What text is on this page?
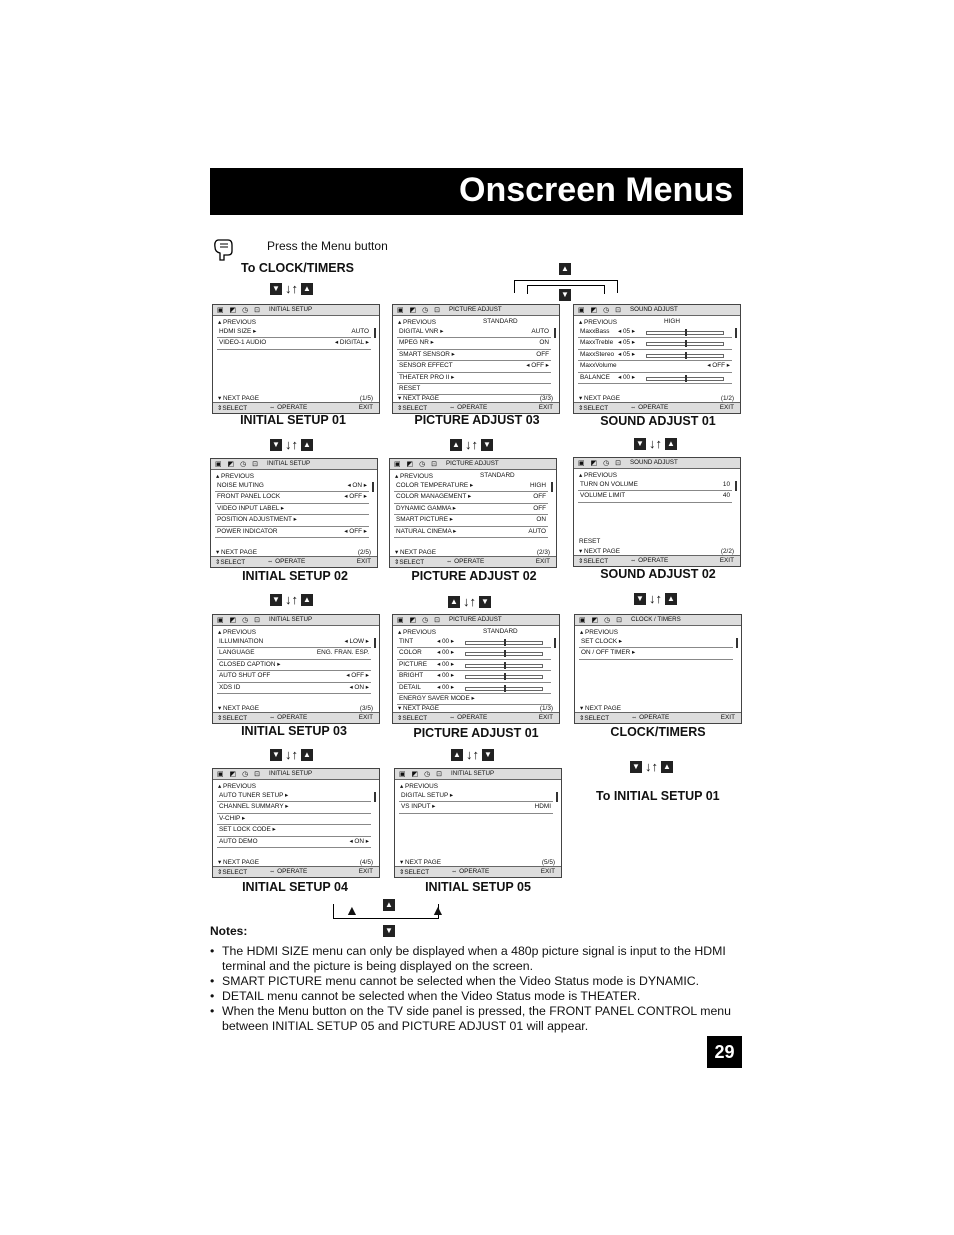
Onscreen Menus
Press the Menu button
To CLOCK/TIMERS	▲
▼
▲
▼
▲	▲
▼ ↓↑ ▲
▼ ↓↑ ▲
▼ ↓↑ ▲
▼ ↓↑ ▲
▲ ↓↑ ▼
▲ ↓↑ ▼
▲ ↓↑ ▼
▼ ↓↑ ▲
▼ ↓↑ ▲
▼ ↓↑ ▲
To INITIAL SETUP 01
▣ ◩ ◷ ⊡ INITIAL SETUP
▴ PREVIOUS
HDMI SIZE ▸	AUTO
VIDEO-1 AUDIO	◂ DIGITAL ▸
▾ NEXT PAGE	(1/5)
⇕SELECT	⇔ OPERATE	EXIT
INITIAL SETUP 01
▣ ◩ ◷ ⊡ PICTURE ADJUST
▴ PREVIOUS	STANDARD
DIGITAL VNR ▸	AUTO
MPEG NR ▸	ON
SMART SENSOR ▸	OFF
SENSOR EFFECT	◂ OFF ▸
THEATER PRO II ▸
RESET
▾ NEXT PAGE	(3/3)
⇕SELECT	⇔ OPERATE	EXIT
PICTURE ADJUST 03
▣ ◩ ◷ ⊡ SOUND ADJUST
▴ PREVIOUS	HIGH
MaxxBass ◂ 05 ▸
MaxxTreble ◂ 05 ▸
MaxxStereo ◂ 05 ▸
MaxxVolume	◂ OFF ▸
BALANCE ◂ 00 ▸
▾ NEXT PAGE	(1/2)
⇕SELECT	⇔ OPERATE	EXIT
SOUND ADJUST 01
▣ ◩ ◷ ⊡ INITIAL SETUP
▴ PREVIOUS
NOISE MUTING	◂ ON ▸
FRONT PANEL LOCK	◂ OFF ▸
VIDEO INPUT LABEL ▸
POSITION ADJUSTMENT ▸
POWER INDICATOR	◂ OFF ▸
▾ NEXT PAGE	(2/5)
⇕SELECT	⇔ OPERATE	EXIT
INITIAL SETUP 02
▣ ◩ ◷ ⊡ PICTURE ADJUST
▴ PREVIOUS	STANDARD
COLOR TEMPERATURE ▸	HIGH
COLOR MANAGEMENT ▸	OFF
DYNAMIC GAMMA ▸	OFF
SMART PICTURE ▸	ON
NATURAL CINEMA ▸	AUTO
▾ NEXT PAGE	(2/3)
⇕SELECT	⇔ OPERATE	EXIT
PICTURE ADJUST 02
▣ ◩ ◷ ⊡ SOUND ADJUST
▴ PREVIOUS
TURN ON VOLUME	10
VOLUME LIMIT	40
RESET
▾ NEXT PAGE	(2/2)
⇕SELECT	⇔ OPERATE	EXIT
SOUND ADJUST 02
▣ ◩ ◷ ⊡ INITIAL SETUP
▴ PREVIOUS
ILLUMINATION	◂ LOW ▸
LANGUAGE	ENG. FRAN. ESP.
CLOSED CAPTION ▸
AUTO SHUT OFF	◂ OFF ▸
XDS ID	◂ ON ▸
▾ NEXT PAGE	(3/5)
⇕SELECT	⇔ OPERATE	EXIT
INITIAL SETUP 03
▣ ◩ ◷ ⊡ PICTURE ADJUST
▴ PREVIOUS	STANDARD
TINT	◂ 00 ▸
COLOR ◂ 00 ▸
PICTURE ◂ 00 ▸
BRIGHT ◂ 00 ▸
DETAIL	◂ 00 ▸
ENERGY SAVER MODE ▸
▾ NEXT PAGE	(1/3)
⇕SELECT	⇔ OPERATE	EXIT
PICTURE ADJUST 01
▣ ◩ ◷ ⊡ CLOCK / TIMERS
▴ PREVIOUS
SET CLOCK ▸
ON / OFF TIMER ▸
▾ NEXT PAGE
⇕SELECT	⇔ OPERATE	EXIT
CLOCK/TIMERS
▣ ◩ ◷ ⊡ INITIAL SETUP
▴ PREVIOUS
AUTO TUNER SETUP ▸
CHANNEL SUMMARY ▸
V-CHIP ▸
SET LOCK CODE ▸
AUTO DEMO	◂ ON ▸
▾ NEXT PAGE	(4/5)
⇕SELECT	⇔ OPERATE	EXIT
INITIAL SETUP 04
▣ ◩ ◷ ⊡ INITIAL SETUP
▴ PREVIOUS
DIGITAL SETUP ▸
VS INPUT ▸	HDMI
▾ NEXT PAGE	(5/5)
⇕SELECT	⇔ OPERATE	EXIT
INITIAL SETUP 05
Notes:
• The HDMI SIZE menu can only be displayed when a 480p picture signal is input to the HDMI terminal and the picture is being displayed on the screen.
• SMART PICTURE menu cannot be selected when the Video Status mode is DYNAMIC.
• DETAIL menu cannot be selected when the Video Status mode is THEATER.
• When the Menu button on the TV side panel is pressed, the FRONT PANEL CONTROL menu between INITIAL SETUP 05 and PICTURE ADJUST 01 will appear.
29
